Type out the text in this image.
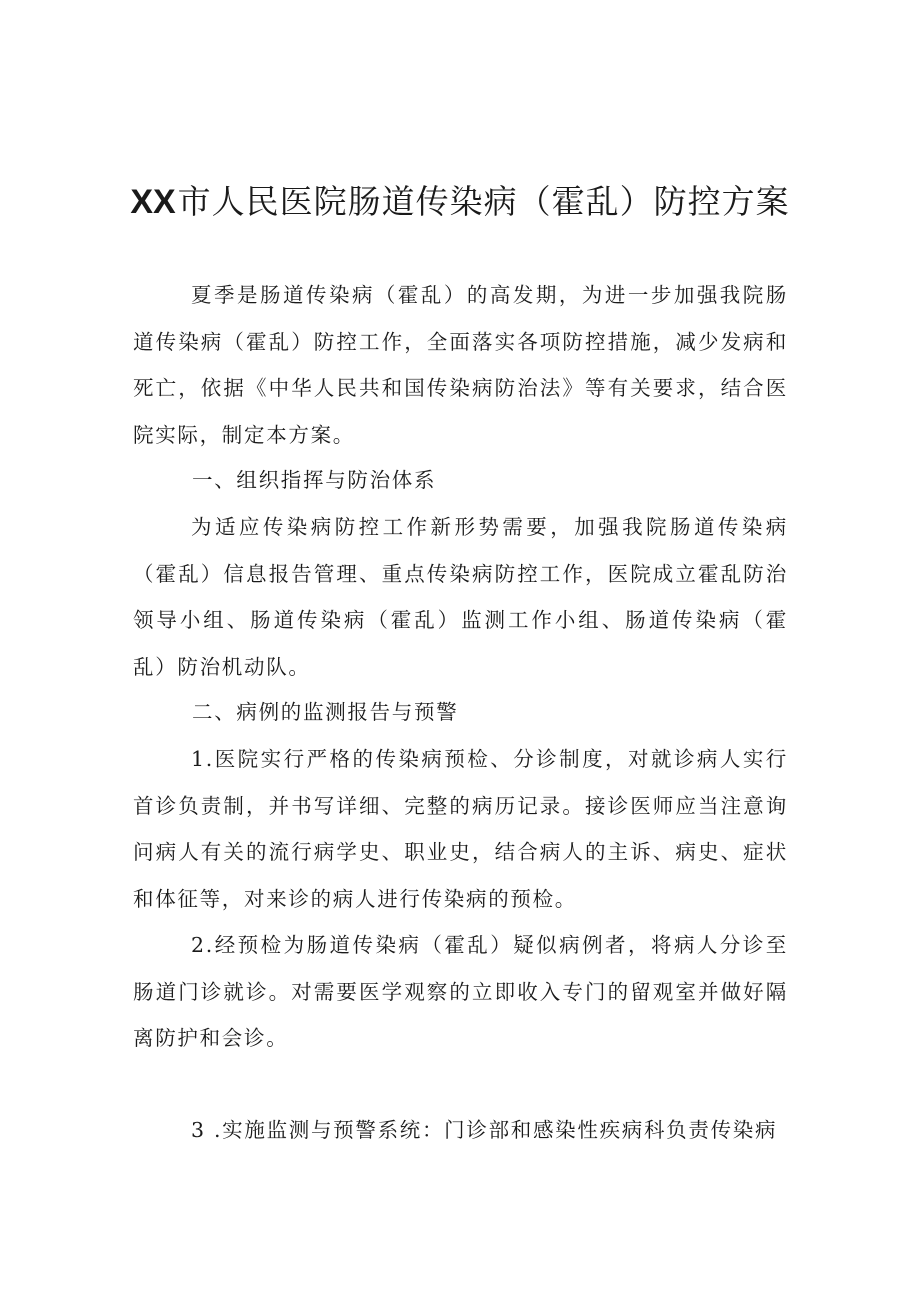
XX市人民医院肠道传染病（霍乱）防控方案

夏季是肠道传染病（霍乱）的高发期，为进一步加强我院肠道传染病（霍乱）防控工作，全面落实各项防控措施，减少发病和死亡，依据《中华人民共和国传染病防治法》等有关要求，结合医院实际，制定本方案。

一、组织指挥与防治体系

为适应传染病防控工作新形势需要，加强我院肠道传染病（霍乱）信息报告管理、重点传染病防控工作，医院成立霍乱防治领导小组、肠道传染病（霍乱）监测工作小组、肠道传染病（霍乱）防治机动队。

二、病例的监测报告与预警

1.医院实行严格的传染病预检、分诊制度，对就诊病人实行首诊负责制，并书写详细、完整的病历记录。接诊医师应当注意询问病人有关的流行病学史、职业史，结合病人的主诉、病史、症状和体征等，对来诊的病人进行传染病的预检。

2.经预检为肠道传染病（霍乱）疑似病例者，将病人分诊至肠道门诊就诊。对需要医学观察的立即收入专门的留观室并做好隔离防护和会诊。

3 .实施监测与预警系统：门诊部和感染性疾病科负责传染病
